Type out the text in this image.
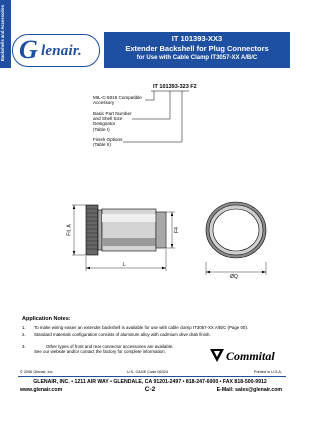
Backshells and Accessories G lenair.
IT 101393-XX3
Extender Backshell for Plug Connectors
for Use with Cable Clamp IT3057-XX A/B/C
IT 101393-323 F2
MIL-C-5015 Compatible
Accessory
Basic Part Number
and Shell Size
Designator
(Table I)
Finish Options
(Table II)
Fit. A	F4
L
ØQ
Application Notes:
1. To make wiring easier an extender backshell is available for use with cable clamp IT3057-XX A/B/C (Page 00).
2. Standard materials configuration consists of aluminum alloy with cadmium olive drab finish.

3.	Other types of front and rear connector accessories are available.
See our website and/or contact the factory for complete information.	Commital
© 2006 Glenair, Inc.	U.S. CAGE Code 06324	Printed in U.S.A.
GLENAIR, INC. • 1211 AIR WAY • GLENDALE, CA 91201-2497 • 818-247-6000 • FAX 818-500-9912
www.glenair.com	C-2	E-Mail: sales@glenair.com
